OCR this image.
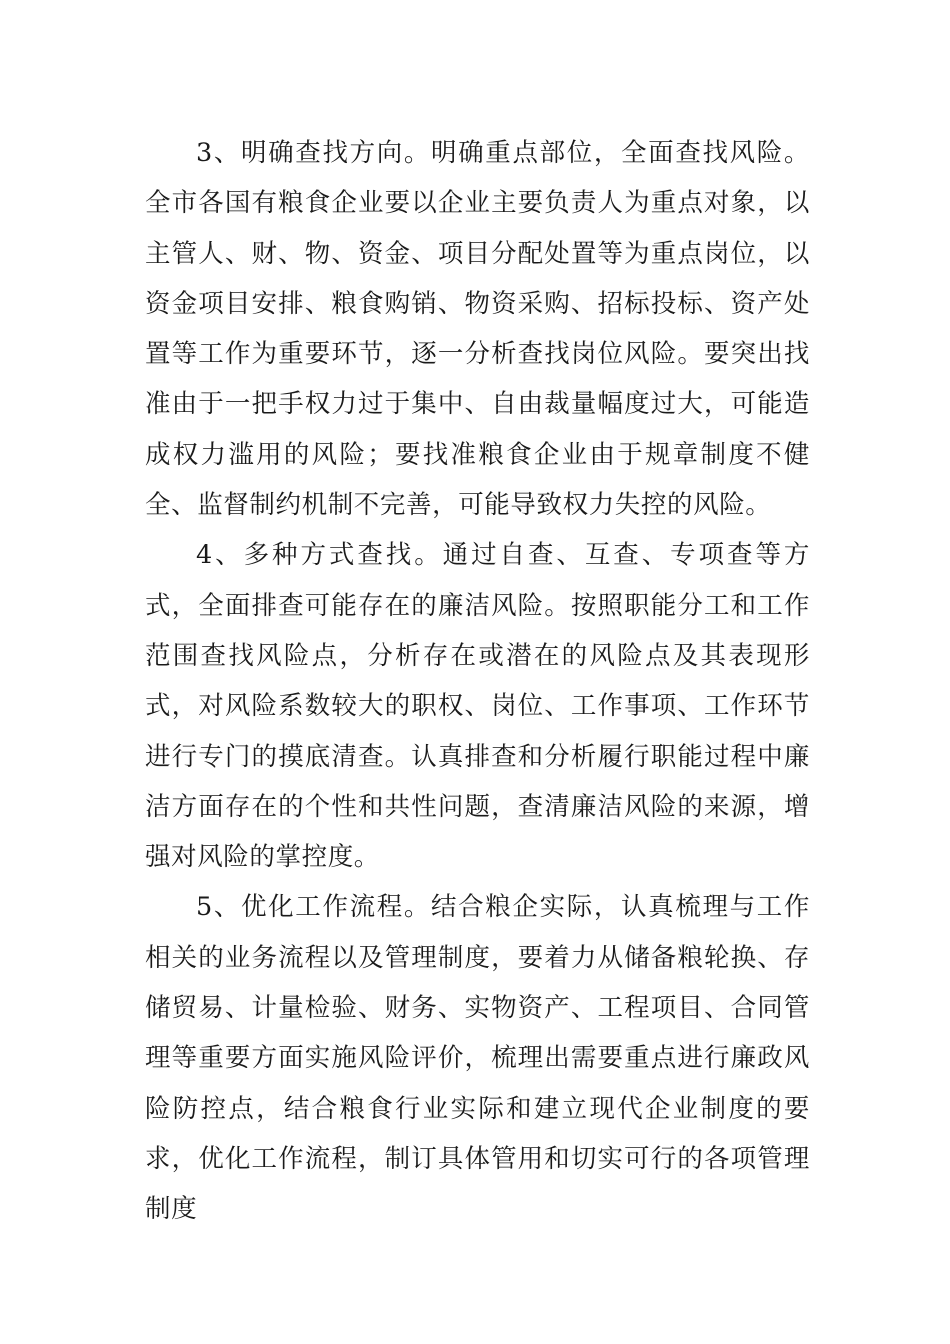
3、明确查找方向。明确重点部位，全面查找风险。全市各国有粮食企业要以企业主要负责人为重点对象，以主管人、财、物、资金、项目分配处置等为重点岗位，以资金项目安排、粮食购销、物资采购、招标投标、资产处置等工作为重要环节，逐一分析查找岗位风险。要突出找准由于一把手权力过于集中、自由裁量幅度过大，可能造成权力滥用的风险；要找准粮食企业由于规章制度不健全、监督制约机制不完善，可能导致权力失控的风险。

4、多种方式查找。通过自查、互查、专项查等方式，全面排查可能存在的廉洁风险。按照职能分工和工作范围查找风险点，分析存在或潜在的风险点及其表现形式，对风险系数较大的职权、岗位、工作事项、工作环节进行专门的摸底清查。认真排查和分析履行职能过程中廉洁方面存在的个性和共性问题，查清廉洁风险的来源，增强对风险的掌控度。

5、优化工作流程。结合粮企实际，认真梳理与工作相关的业务流程以及管理制度，要着力从储备粮轮换、存储贸易、计量检验、财务、实物资产、工程项目、合同管理等重要方面实施风险评价，梳理出需要重点进行廉政风险防控点，结合粮食行业实际和建立现代企业制度的要求，优化工作流程，制订具体管用和切实可行的各项管理制度
